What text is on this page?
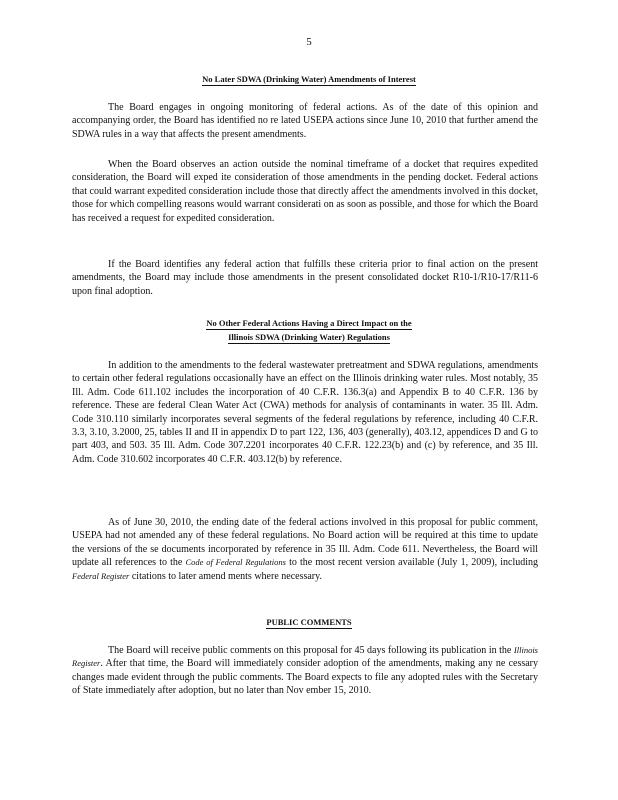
5
No Later SDWA (Drinking Water) Amendments of Interest

The Board engages in ongoing monitoring of federal actions. As of the date of this opinion and accompanying order, the Board has identified no re lated USEPA actions since June 10, 2010 that further amend the SDWA rules in a way that affects the present amendments.

When the Board observes an action outside the nominal timeframe of a docket that requires expedited consideration, the Board will exped ite consideration of those amendments in the pending docket. Federal actions that could warrant expedited consideration include those that directly affect the amendments involved in this docket, those for which compelling reasons would warrant considerati on as soon as possible, and those for which the Board has received a request for expedited consideration.

If the Board identifies any federal action that fulfills these criteria prior to final action on the present amendments, the Board may include those amendments in the present consolidated docket R10-1/R10-17/R11-6 upon final adoption.

No Other Federal Actions Having a Direct Impact on the
Illinois SDWA (Drinking Water) Regulations

In addition to the amendments to the federal wastewater pretreatment and SDWA regulations, amendments to certain other federal regulations occasionally have an effect on the Illinois drinking water rules. Most notably, 35 Ill. Adm. Code 611.102 includes the incorporation of 40 C.F.R. 136.3(a) and Appendix B to 40 C.F.R. 136 by reference. These are federal Clean Water Act (CWA) methods for analysis of contaminants in water. 35 Ill. Adm. Code 310.110 similarly incorporates several segments of the federal regulations by reference, including 40 C.F.R. 3.3, 3.10, 3.2000, 25, tables II and II in appendix D to part 122, 136, 403 (generally), 403.12, appendices D and G to part 403, and 503. 35 Ill. Adm. Code 307.2201 incorporates 40 C.F.R. 122.23(b) and (c) by reference, and 35 Ill. Adm. Code 310.602 incorporates 40 C.F.R. 403.12(b) by reference.

As of June 30, 2010, the ending date of the federal actions involved in this proposal for public comment, USEPA had not amended any of these federal regulations. No Board action will be required at this time to update the versions of the se documents incorporated by reference in 35 Ill. Adm. Code 611. Nevertheless, the Board will update all references to the Code of Federal Regulations to the most recent version available (July 1, 2009), including Federal Register citations to later amend ments where necessary.

PUBLIC COMMENTS

The Board will receive public comments on this proposal for 45 days following its publication in the Illinois Register. After that time, the Board will immediately consider adoption of the amendments, making any ne cessary changes made evident through the public comments. The Board expects to file any adopted rules with the Secretary of State immediately after adoption, but no later than Nov ember 15, 2010.
